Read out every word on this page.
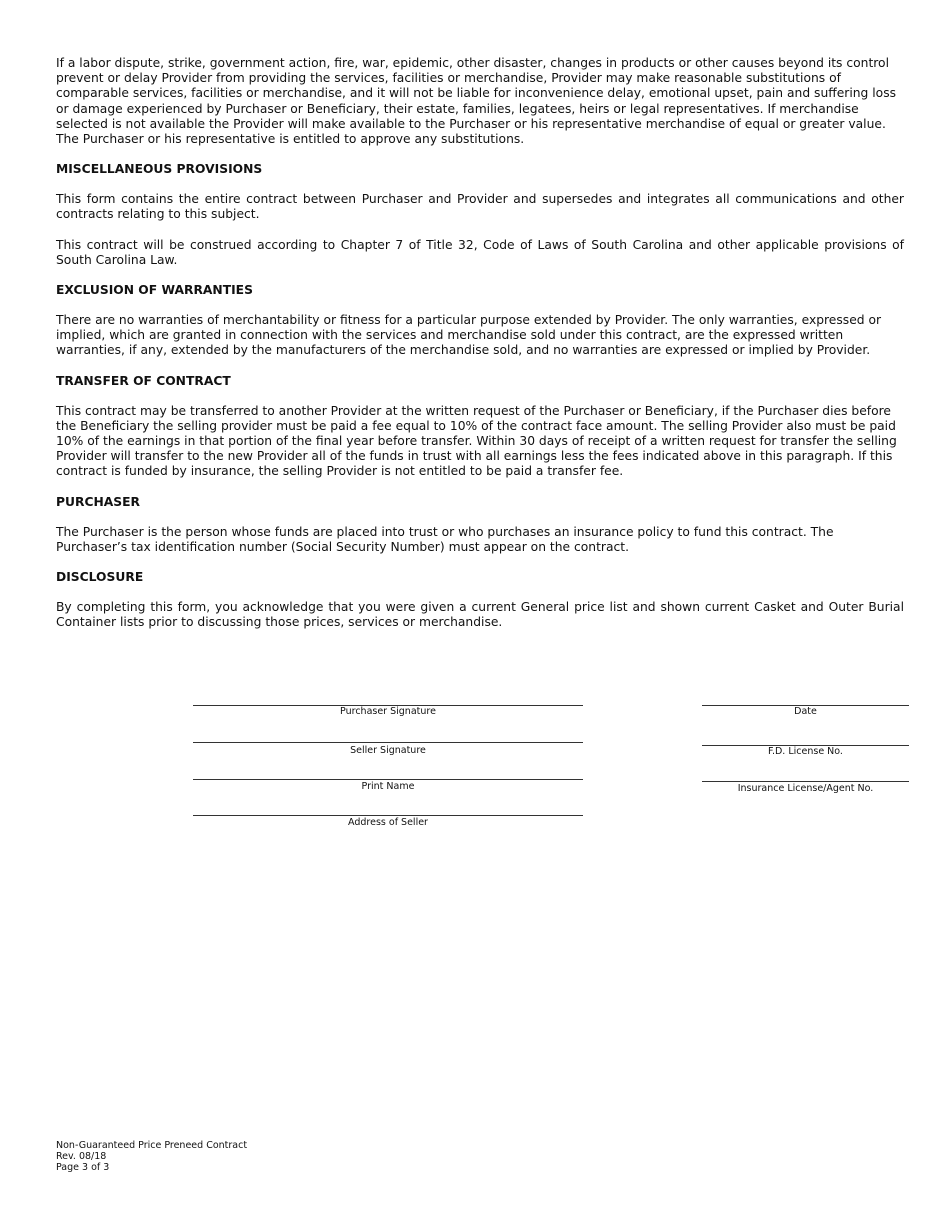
If a labor dispute, strike, government action, fire, war, epidemic, other disaster, changes in products or other causes beyond its control prevent or delay Provider from providing the services, facilities or merchandise, Provider may make reasonable substitutions of comparable services, facilities or merchandise, and it will not be liable for inconvenience delay, emotional upset, pain and suffering loss or damage experienced by Purchaser or Beneficiary, their estate, families, legatees, heirs or legal representatives. If merchandise selected is not available the Provider will make available to the Purchaser or his representative merchandise of equal or greater value. The Purchaser or his representative is entitled to approve any substitutions.

MISCELLANEOUS PROVISIONS

This form contains the entire contract between Purchaser and Provider and supersedes and integrates all communications and other contracts relating to this subject.

This contract will be construed according to Chapter 7 of Title 32, Code of Laws of South Carolina and other applicable provisions of South Carolina Law.

EXCLUSION OF WARRANTIES

There are no warranties of merchantability or fitness for a particular purpose extended by Provider. The only warranties, expressed or implied, which are granted in connection with the services and merchandise sold under this contract, are the expressed written warranties, if any, extended by the manufacturers of the merchandise sold, and no warranties are expressed or implied by Provider.

TRANSFER OF CONTRACT

This contract may be transferred to another Provider at the written request of the Purchaser or Beneficiary, if the Purchaser dies before the Beneficiary the selling provider must be paid a fee equal to 10% of the contract face amount. The selling Provider also must be paid 10% of the earnings in that portion of the final year before transfer. Within 30 days of receipt of a written request for transfer the selling Provider will transfer to the new Provider all of the funds in trust with all earnings less the fees indicated above in this paragraph. If this contract is funded by insurance, the selling Provider is not entitled to be paid a transfer fee.

PURCHASER

The Purchaser is the person whose funds are placed into trust or who purchases an insurance policy to fund this contract. The Purchaser’s tax identification number (Social Security Number) must appear on the contract.

DISCLOSURE

By completing this form, you acknowledge that you were given a current General price list and shown current Casket and Outer Burial Container lists prior to discussing those prices, services or merchandise.

Purchaser Signature
Seller Signature
Print Name
Address of Seller
Date
F.D. License No.
Insurance License/Agent No.
Non-Guaranteed Price Preneed Contract
Rev. 08/18
Page 3 of 3
